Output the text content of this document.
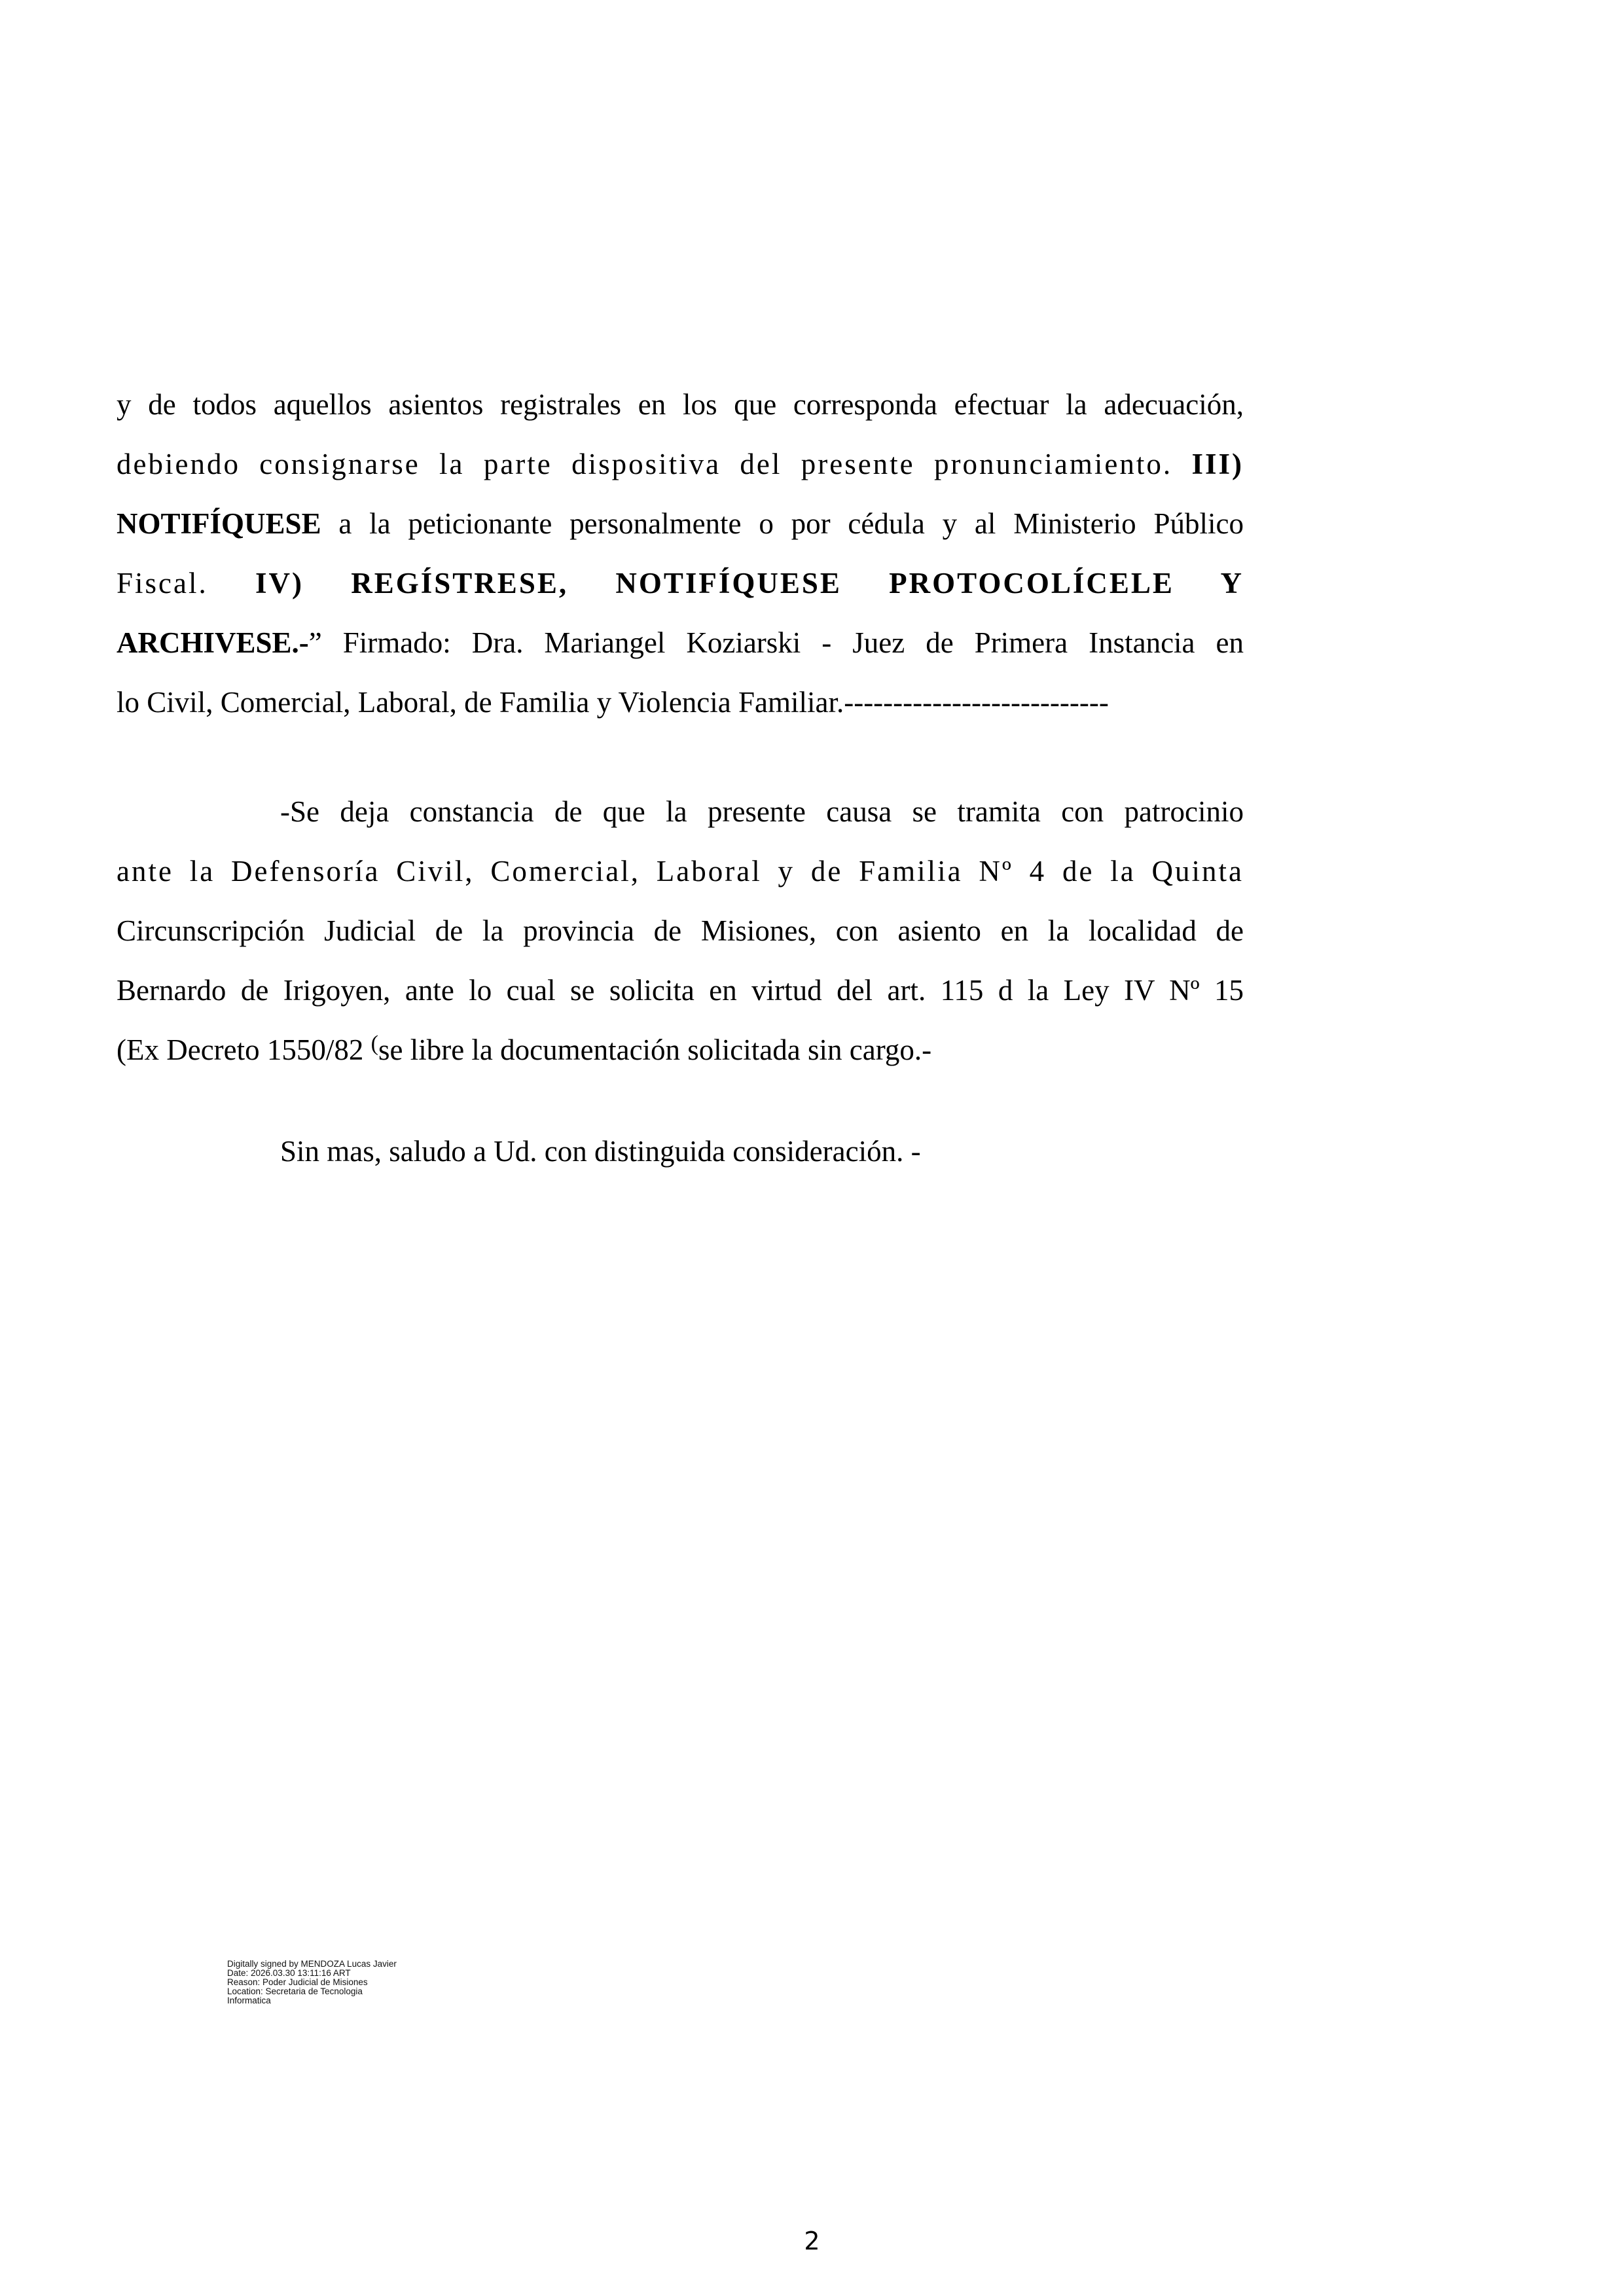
y de todos aquellos asientos registrales en los que corresponda efectuar la adecuación,
debiendo consignarse la parte dispositiva del presente pronunciamiento. III)
NOTIFÍQUESE a la peticionante personalmente o por cédula y al Ministerio Público
Fiscal. IV) REGÍSTRESE, NOTIFÍQUESE PROTOCOLÍCELE Y
ARCHIVESE.-” Firmado: Dra. Mariangel Koziarski - Juez de Primera Instancia en
lo Civil, Comercial, Laboral, de Familia y Violencia Familiar.---------------------------
-Se deja constancia de que la presente causa se tramita con patrocinio
ante la Defensoría Civil, Comercial, Laboral y de Familia Nº 4 de la Quinta
Circunscripción Judicial de la provincia de Misiones, con asiento en la localidad de
Bernardo de Irigoyen, ante lo cual se solicita en virtud del art. 115 d la Ley IV Nº 15
(Ex Decreto 1550/82 (se libre la documentación solicitada sin cargo.-
Sin mas, saludo a Ud. con distinguida consideración. -
Digitally signed by MENDOZA Lucas Javier
Date: 2026.03.30 13:11:16 ART
Reason: Poder Judicial de Misiones
Location: Secretaria de Tecnologia
Informatica
2
